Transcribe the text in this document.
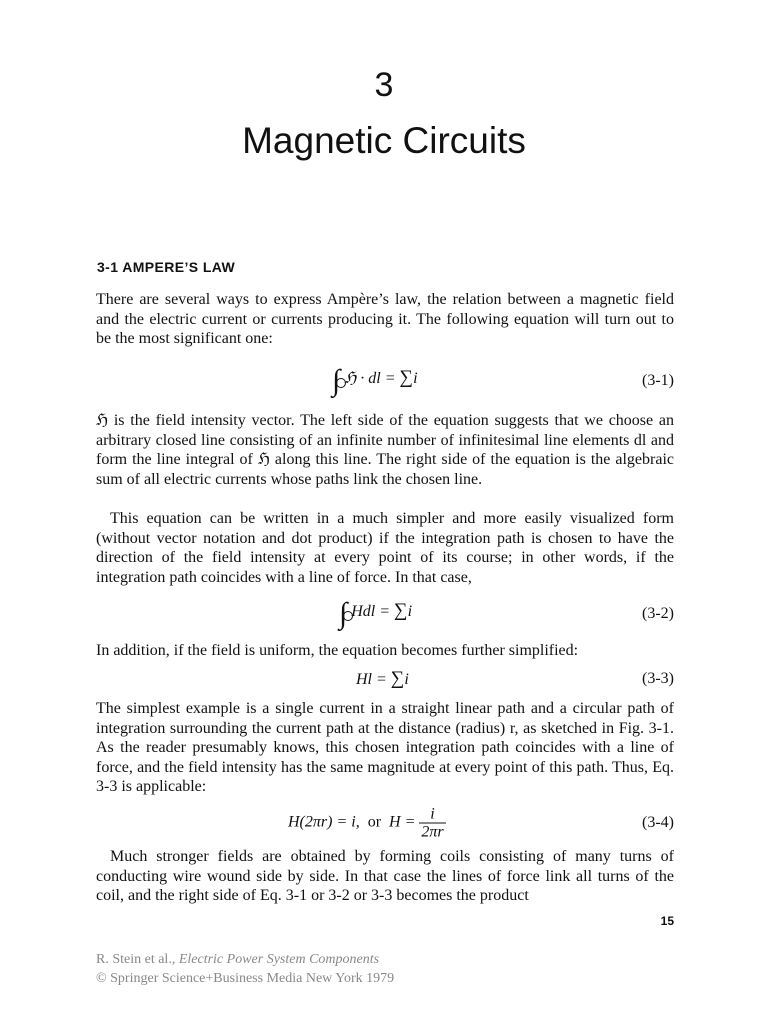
3
Magnetic Circuits
3-1 AMPERE’S LAW

There are several ways to express Ampère’s law, the relation between a magnetic field and the electric current or currents producing it. The following equation will turn out to be the most significant one:

∫ ℌ · dl = ∑i	(3-1)

ℌ is the field intensity vector. The left side of the equation suggests that we choose an arbitrary closed line consisting of an infinite number of infinitesimal line elements dl and form the line integral of ℌ along this line. The right side of the equation is the algebraic sum of all electric currents whose paths link the chosen line.

This equation can be written in a much simpler and more easily visualized form (without vector notation and dot product) if the integration path is chosen to have the direction of the field intensity at every point of its course; in other words, if the integration path coincides with a line of force. In that case,

∫ Hdl = ∑i	(3-2)

In addition, if the field is uniform, the equation becomes further simplified:

Hl = ∑i	(3-3)

The simplest example is a single current in a straight linear path and a circular path of integration surrounding the current path at the distance (radius) r, as sketched in Fig. 3-1. As the reader presumably knows, this chosen integration path coincides with a line of force, and the field intensity has the same magnitude at every point of this path. Thus, Eq. 3-3 is applicable:

H(2πr) = i, or $H = \frac{i}{2\pi r}$	(3-4)

Much stronger fields are obtained by forming coils consisting of many turns of conducting wire wound side by side. In that case the lines of force link all turns of the coil, and the right side of Eq. 3-1 or 3-2 or 3-3 becomes the product

15
R. Stein et al., Electric Power System Components
© Springer Science+Business Media New York 1979
